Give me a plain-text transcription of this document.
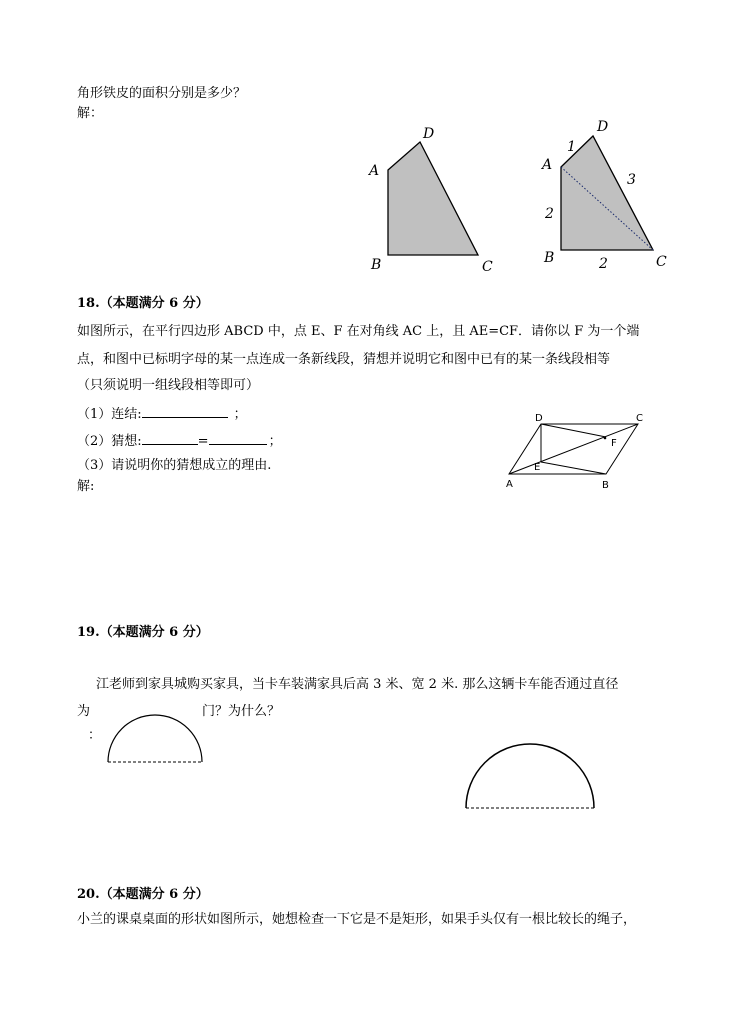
角形铁皮的面积分别是多少？
解：
A
D
B	C
A
D
B	C
1
3
2
2
D	C
F
E
A	B
18.（本题满分 6 分）
如图所示，在平行四边形 ABCD 中，点 E、F 在对角线 AC 上，且 AE=CF．请你以 F 为一个端
点，和图中已标明字母的某一点连成一条新线段，猜想并说明它和图中已有的某一条线段相等
（只须说明一组线段相等即可）
（1）连结:	；
（2）猜想:	=	；
（3）请说明你的猜想成立的理由.
解:
19.（本题满分 6 分）
江老师到家具城购买家具，当卡车装满家具后高 3 米、宽 2 米. 那么这辆卡车能否通过直径
为	门？为什么？
：
20.（本题满分 6 分）
小兰的课桌桌面的形状如图所示，她想检查一下它是不是矩形，如果手头仅有一根比较长的绳子，
